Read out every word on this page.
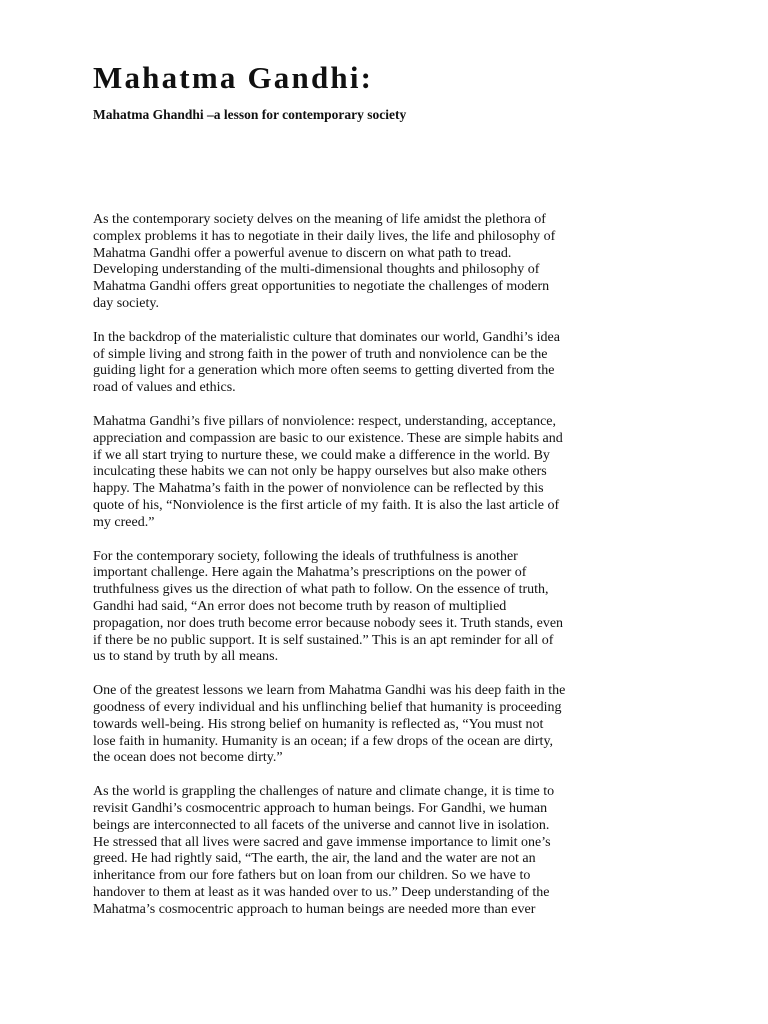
Mahatma Gandhi:

Mahatma Ghandhi –a lesson for contemporary society

As the contemporary society delves on the meaning of life amidst the plethora of
complex problems it has to negotiate in their daily lives, the life and philosophy of
Mahatma Gandhi offer a powerful avenue to discern on what path to tread.
Developing understanding of the multi-dimensional thoughts and philosophy of
Mahatma Gandhi offers great opportunities to negotiate the challenges of modern
day society.

In the backdrop of the materialistic culture that dominates our world, Gandhi’s idea
of simple living and strong faith in the power of truth and nonviolence can be the
guiding light for a generation which more often seems to getting diverted from the
road of values and ethics.

Mahatma Gandhi’s five pillars of nonviolence: respect, understanding, acceptance,
appreciation and compassion are basic to our existence. These are simple habits and
if we all start trying to nurture these, we could make a difference in the world. By
inculcating these habits we can not only be happy ourselves but also make others
happy. The Mahatma’s faith in the power of nonviolence can be reflected by this
quote of his, “Nonviolence is the first article of my faith. It is also the last article of
my creed.”

For the contemporary society, following the ideals of truthfulness is another
important challenge. Here again the Mahatma’s prescriptions on the power of
truthfulness gives us the direction of what path to follow. On the essence of truth,
Gandhi had said, “An error does not become truth by reason of multiplied
propagation, nor does truth become error because nobody sees it. Truth stands, even
if there be no public support. It is self sustained.” This is an apt reminder for all of
us to stand by truth by all means.

One of the greatest lessons we learn from Mahatma Gandhi was his deep faith in the
goodness of every individual and his unflinching belief that humanity is proceeding
towards well-being. His strong belief on humanity is reflected as, “You must not
lose faith in humanity. Humanity is an ocean; if a few drops of the ocean are dirty,
the ocean does not become dirty.”

As the world is grappling the challenges of nature and climate change, it is time to
revisit Gandhi’s cosmocentric approach to human beings. For Gandhi, we human
beings are interconnected to all facets of the universe and cannot live in isolation.
He stressed that all lives were sacred and gave immense importance to limit one’s
greed. He had rightly said, “The earth, the air, the land and the water are not an
inheritance from our fore fathers but on loan from our children. So we have to
handover to them at least as it was handed over to us.” Deep understanding of the
Mahatma’s cosmocentric approach to human beings are needed more than ever
